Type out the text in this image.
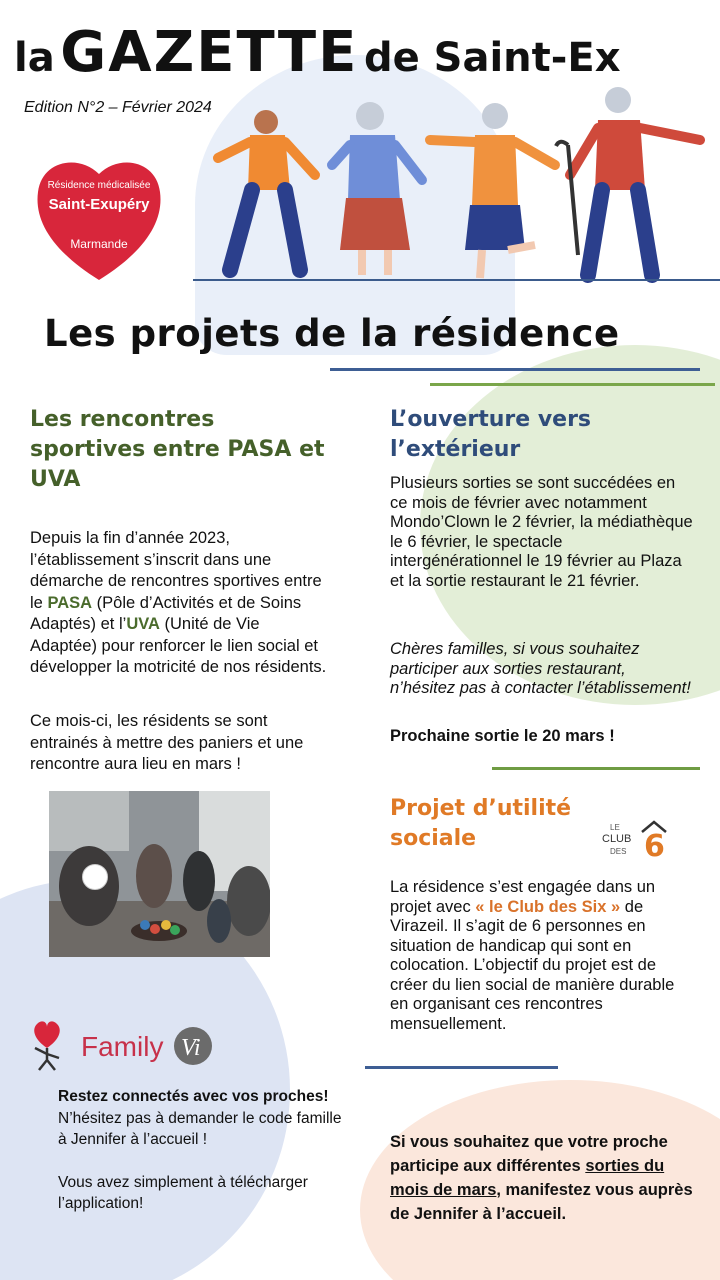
la GAZETTE de Saint-Ex
Edition N°2 – Février 2024
Résidence médicalisée
Saint-Exupéry
Marmande
Les projets de la résidence
Les rencontres sportives entre PASA et UVA
Depuis la fin d’année 2023, l’établissement s’inscrit dans une démarche de rencontres sportives entre le PASA (Pôle d’Activités et de Soins Adaptés) et l’UVA (Unité de Vie Adaptée) pour renforcer le lien social et développer la motricité de nos résidents.
Ce mois-ci, les résidents se sont entrainés à mettre des paniers et une rencontre aura lieu en mars !
L’ouverture vers l’extérieur
Plusieurs sorties se sont succédées en ce mois de février avec notamment Mondo’Clown le 2 février, la médiathèque le 6 février, le spectacle intergénérationnel le 19 février au Plaza et la sortie restaurant le 21 février.
Chères familles, si vous souhaitez participer aux sorties restaurant, n’hésitez pas à contacter l’établissement!
Prochaine sortie le 20 mars !
Projet d’utilité sociale	LE
CLUB
DES 6
La résidence s’est engagée dans un projet avec « le Club des Six » de Virazeil. Il s’agit de 6 personnes en situation de handicap qui sont en colocation. L’objectif du projet est de créer du lien social de manière durable en organisant ces rencontres mensuellement.
Family Vi
Restez connectés avec vos proches!
N’hésitez pas à demander le code famille à Jennifer à l’accueil !
Vous avez simplement à télécharger l’application!
Si vous souhaitez que votre proche participe aux différentes sorties du mois de mars, manifestez vous auprès de Jennifer à l’accueil.
